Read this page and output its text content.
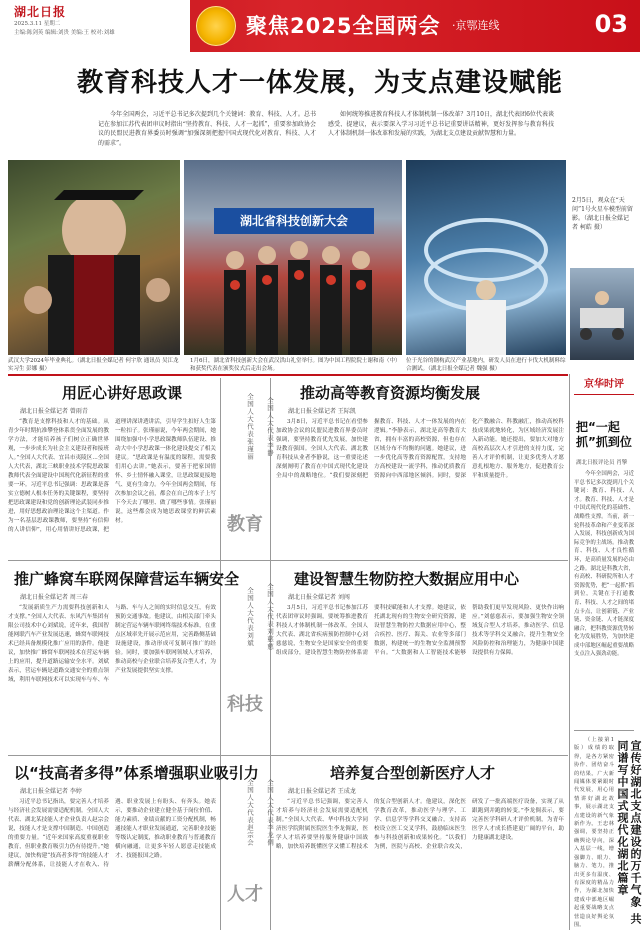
湖北日报
2025.3.11 星期二
主编:陈剑英 编辑:刘贵 美编:王 校对:刘雄	聚焦2025全国两会 ·京鄂连线	03
教育科技人才一体发展，为支点建设赋能
今年全国两会，习近平总书记多次提到几个关键词：教育、科技、人才。总书记在参加江苏代表团审议时指出“坚持教育、科技、人才一起抓”，重要参加政协会议的民盟民进教育界委员时强调“加强深刻把握中国式现代化对教育、科技、人才的需求”。
如何统筹推进教育科技人才体制机制一体改革？3月10日，湖北代表团6位代表谈感受、提建议，表示要深入学习习近平总书记重要讲话精神，更好发挥参与教育科技人才体制机制一体改革和发展的实践，为湖北支点建设贡献智慧和力量。
武汉大学2024年毕业典礼。（湖北日报全媒记者 何宇欣 通讯员 吴江龙 实习生 彭娜 摄）
湖北省科技创新大会
1月6日，湖北省科技创新大会在武汉洪山礼堂举行。图为中国工程院院士谢和南（中）和获奖代表在颁奖仪式后走出会场。
位于光谷的钢构武汉产业基地内，研发人员在进行卡伐大机制料综合测试。（湖北日报全媒记者 魏强 摄）
2月5日，观众在“天问”1号火星车模型前留影。（湖北日报全媒记者 柯皓 摄）
全国人大代表张瑾丽	全国人大代表李静
教育
全国人大代表刘斌	全国人大代表刘慈慈
科技
全国人大代表赵宗会	全国人大代表李龙倜
人才
用匠心讲好思政课
湖北日报全媒记者 曾雨青

“教育是支撑科技和人才的基础。从青少年时期抗准攀登体系贯全面发展的教学方法，才能培养孩子们树立正确世界观，一步步成长为社会主义建设者和接班人。”全国人大代表、宜昌市夷陵区...全国人大代表，湖北三峡职业技术学院思政课教师代表全面建设中国现代化新征程的重要一环。习近平总书记强调：思政课是落实立德树人根本任务的关键课程，要坚持把思政课建设和党的创新理论武装同步推进，用好思想政治理论课这个主渠道。作为一名基层思政课教师，要坚持“有信仰的人讲信仰”，用心用情讲好思政课，把道理讲深讲透讲活，引导学生扣好人生第一粒扣子。张瑾丽说，今年两会期间，她围绕加强中小学思政课教师队伍建设、推动大中小学思政课一体化建设提交了相关建议。“思政课是有温度的课程，需要我们用心去讲。”她表示，要善于把家国情怀、乡土情怀融入课堂，让思政课更接地气、更有生命力。今年全国两会期间，每次参加会议之前，都会在自己的本子上写下今天去了哪里、做了哪些事情。张瑾丽说，这些都会成为她思政课堂的鲜活素材。

推动高等教育资源均衡发展
湖北日报全媒记者 王际凯

3月8日，习近平总书记在看望参加政协会议的民盟民进教育界委员时强调，要坚持教育优先发展，加快建设教育强国。全国人大代表、湖北教育科技从业者李静说，这一重要论述深刻阐明了教育在中国式现代化建设全局中的战略地位。“我们要深刻把握教育、科技、人才一体发展的内在逻辑。”李静表示，湖北是高等教育大省，拥有丰富的高校资源，但也存在区域分布不均衡的问题。她建议，进一步优化高等教育资源配置，支持地方高校建设一流学科，推动优质教育资源向中西部地区倾斜。同时，要深化产教融合、科教融汇，推动高校科技成果就地转化，为区域经济发展注入新动能。她还提出，要加大对地方高校高层次人才引进的支持力度，完善人才评价机制，让更多优秀人才愿意扎根地方、服务地方，促进教育公平和质量提升。

推广蜂窝车联网保障营运车辆安全
湖北日报全媒记者 周三春

“发展新质生产力需要科技创新和人才支撑。”全国人大代表、东风汽车集团有限公司技术中心刘斌说，近年来，我国智能网联汽车产业发展迅速，蜂窝车联网技术已经具备规模化推广应用的条件。他建议，加快推广蜂窝车联网技术在营运车辆上的应用，提升道路运输安全水平。刘斌表示，营运车辆是道路交通安全的重点领域，利用车联网技术可以实现车与车、车与路、车与人之间的实时信息交互，有效预防交通事故。他建议，由相关部门牵头制定营运车辆车联网终端技术标准，在重点区域率先开展示范应用，完善路侧基础设施建设，推动形成可复制可推广的经验。同时，要加强车联网领域人才培养，推动高校与企业联合培养复合型人才，为产业发展提供坚实支撑。

建设智慧生物防控大数据应用中心
湖北日报全媒记者 刘闯

3月5日，习近平总书记参加江苏代表团审议时强调，要统筹推进教育科技人才体制机制一体改革。全国人大代表、湖北省疾病预防控制中心刘慈慈说，生物安全是国家安全的重要组成部分，建设智慧生物防控体系需要科技赋能和人才支撑。她建议，依托湖北现有的生物安全研究资源，建设智慧生物防控大数据应用中心，整合疾控、医疗、海关、农业等多部门数据，构建统一的生物安全监测预警平台。“大数据和人工智能技术能够帮助我们更早发现风险、更快作出响应。”刘慈慈表示，要加强生物安全领域复合型人才培养，推动医学、信息技术等学科交叉融合，提升生物安全风险防控和治理能力，为健康中国建设提供有力保障。

以“技高者多得”体系增强职业吸引力
湖北日报全媒记者 李婷

习近平总书记指出，要完善人才培养与经济社会发展需要适配机制。全国人大代表、湖北某技能人才企业负责人赵宗会说，技能人才是支撑中国制造、中国创造的重要力量。“近年来国家高度重视职业教育，但职业教育吸引力仍有待提升。”她建议，加快构建“技高者多得”的技能人才薪酬分配体系，让技能人才在收入、待遇、职业发展上有盼头、有奔头。她表示，要推动企业建立健全基于岗位价值、能力素质、业绩贡献的工资分配机制，畅通技能人才职业发展通道，完善职业技能等级认定制度，推动职业教育与普通教育横向融通，让更多年轻人愿意走技能成才、技能报国之路。

培养复合型创新医疗人才
湖北日报全媒记者 王成龙

“习近平总书记强调，要完善人才培养与经济社会发展需要适配机制。”全国人大代表、华中科技大学同济医学院附属医院医生李龙倜说，医学人才培养要坚持服务健康中国战略，加快培养既懂医学又懂工程技术的复合型创新人才。他建议，深化医学教育改革，推动医学与理学、工学、信息学等学科交叉融合，支持高校设立医工交叉学科，鼓励临床医生参与科技创新和成果转化。“以我们为例，医院与高校、企业联合攻关，研发了一批高端医疗设备，实现了从跟跑到并跑的转变。”李龙倜表示，要完善医学科研人才评价机制，为青年医学人才成长搭建更广阔的平台，助力健康湖北建设。

京华时评
把“一起抓”抓到位
湖北日报评论员 肖擎

今年全国两会，习近平总书记多次提到几个关键词：教育、科技、人才。教育、科技、人才是中国式现代化的基础性、战略性支撑。当前，新一轮科技革命和产业变革深入发展，科技创新成为国际竞争的主战场。推动教育、科技、人才良性循环，是高质量发展的必由之路。湖北是科教大省，有高校、科研院所和人才资源优势，把“一起抓”抓到位，关键在于打通教育、科技、人才之间的堵点卡点，让创新链、产业链、资金链、人才链深度融合，把科教资源优势转化为发展胜势，为加快建成中部地区崛起重要战略支点注入强劲动能。

（上接第1版）成绩的取得，是各方紧密协作、团结奋斗的结果。广大新闻媒体要紧跟时代发展，用心用情讲好湖北故事，展示湖北支点建设的新气象新作为。王忠林强调，要坚持正确舆论导向，深入基层一线，增强脚力、眼力、脑力、笔力，推出更多有温度、有深度的精品力作，为湖北加快建成中部地区崛起重要战略支点营造良好舆论氛围。

宣传好湖北支点建设的万千气象 共同谱写中国式现代化湖北篇章
